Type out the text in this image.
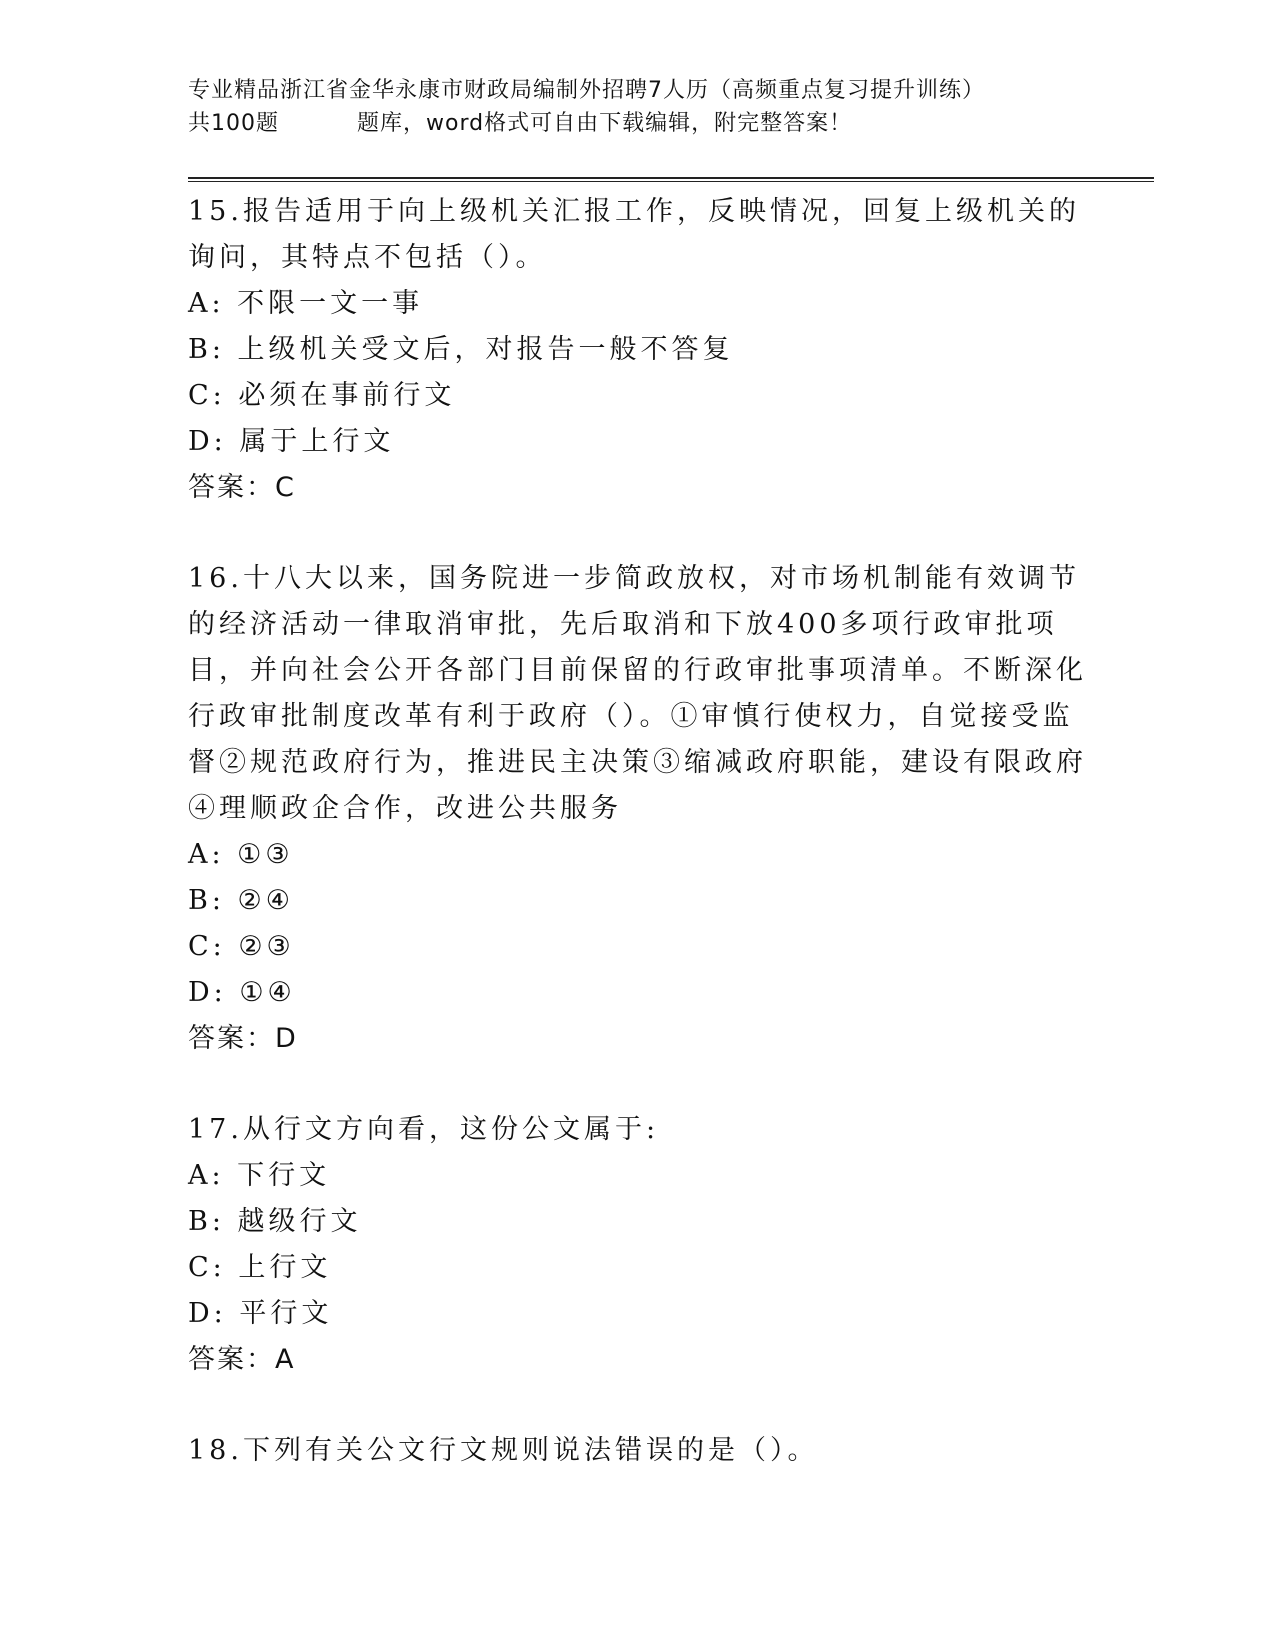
专业精品浙江省金华永康市财政局编制外招聘7人历（高频重点复习提升训练）
共100题	题库，word格式可自由下载编辑，附完整答案！

15.报告适用于向上级机关汇报工作，反映情况，回复上级机关的询问，其特点不包括（）。

A: 不限一文一事

B: 上级机关受文后，对报告一般不答复

C: 必须在事前行文

D: 属于上行文

答案：C

16.十八大以来，国务院进一步简政放权，对市场机制能有效调节的经济活动一律取消审批，先后取消和下放400多项行政审批项目，并向社会公开各部门目前保留的行政审批事项清单。不断深化行政审批制度改革有利于政府（）。①审慎行使权力，自觉接受监督②规范政府行为，推进民主决策③缩减政府职能，建设有限政府④理顺政企合作，改进公共服务

A: ①③

B: ②④

C: ②③

D: ①④

答案：D

17.从行文方向看，这份公文属于:

A: 下行文

B: 越级行文

C: 上行文

D: 平行文

答案：A

18.下列有关公文行文规则说法错误的是（）。
